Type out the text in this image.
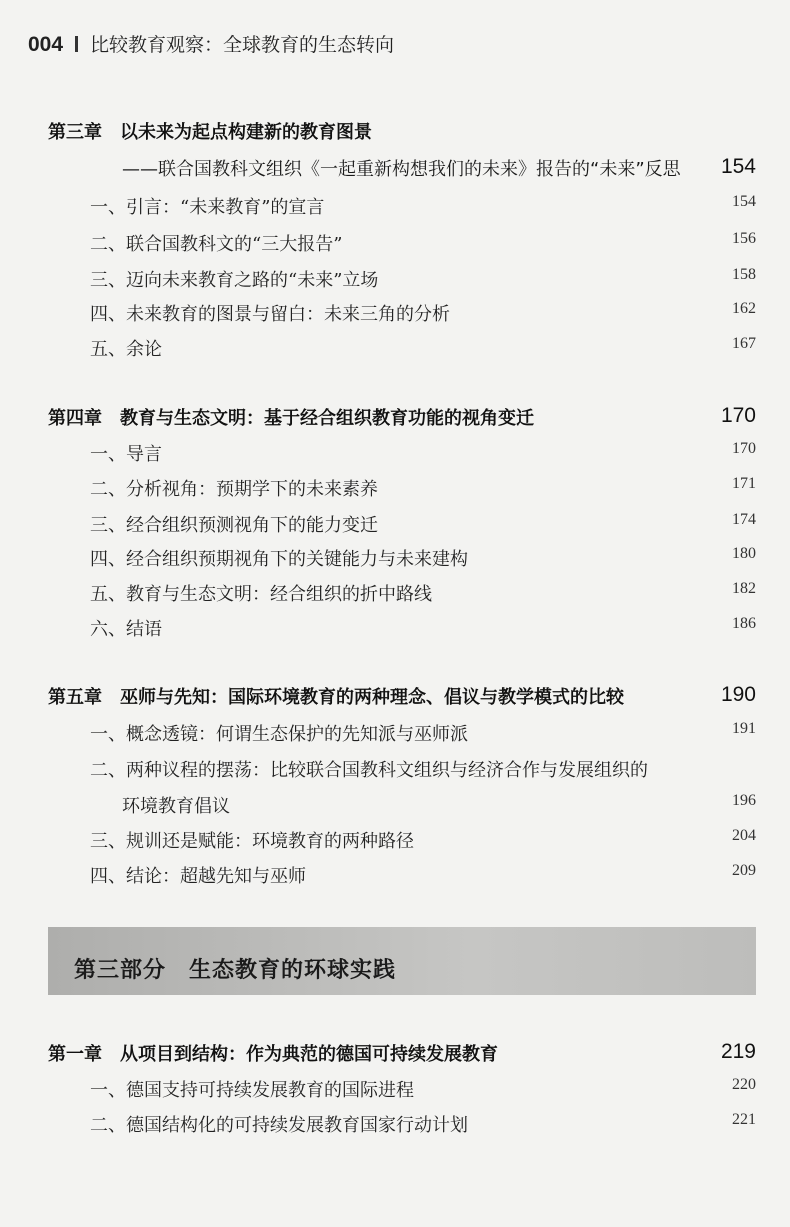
004 比较教育观察：全球教育的生态转向
第三章　以未来为起点构建新的教育图景
——联合国教科文组织《一起重新构想我们的未来》报告的“未来”反思 154
一、引言：“未来教育”的宣言	154
二、联合国教科文的“三大报告”	156
三、迈向未来教育之路的“未来”立场	158
四、未来教育的图景与留白：未来三角的分析	162
五、余论	167
第四章　教育与生态文明：基于经合组织教育功能的视角变迁	170
一、导言	170
二、分析视角：预期学下的未来素养	171
三、经合组织预测视角下的能力变迁	174
四、经合组织预期视角下的关键能力与未来建构	180
五、教育与生态文明：经合组织的折中路线	182
六、结语	186
第五章　巫师与先知：国际环境教育的两种理念、倡议与教学模式的比较	190
一、概念透镜：何谓生态保护的先知派与巫师派	191
二、两种议程的摆荡：比较联合国教科文组织与经济合作与发展组织的
环境教育倡议	196
三、规训还是赋能：环境教育的两种路径	204
四、结论：超越先知与巫师	209
第三部分　生态教育的环球实践
第一章　从项目到结构：作为典范的德国可持续发展教育	219
一、德国支持可持续发展教育的国际进程	220
二、德国结构化的可持续发展教育国家行动计划	221
